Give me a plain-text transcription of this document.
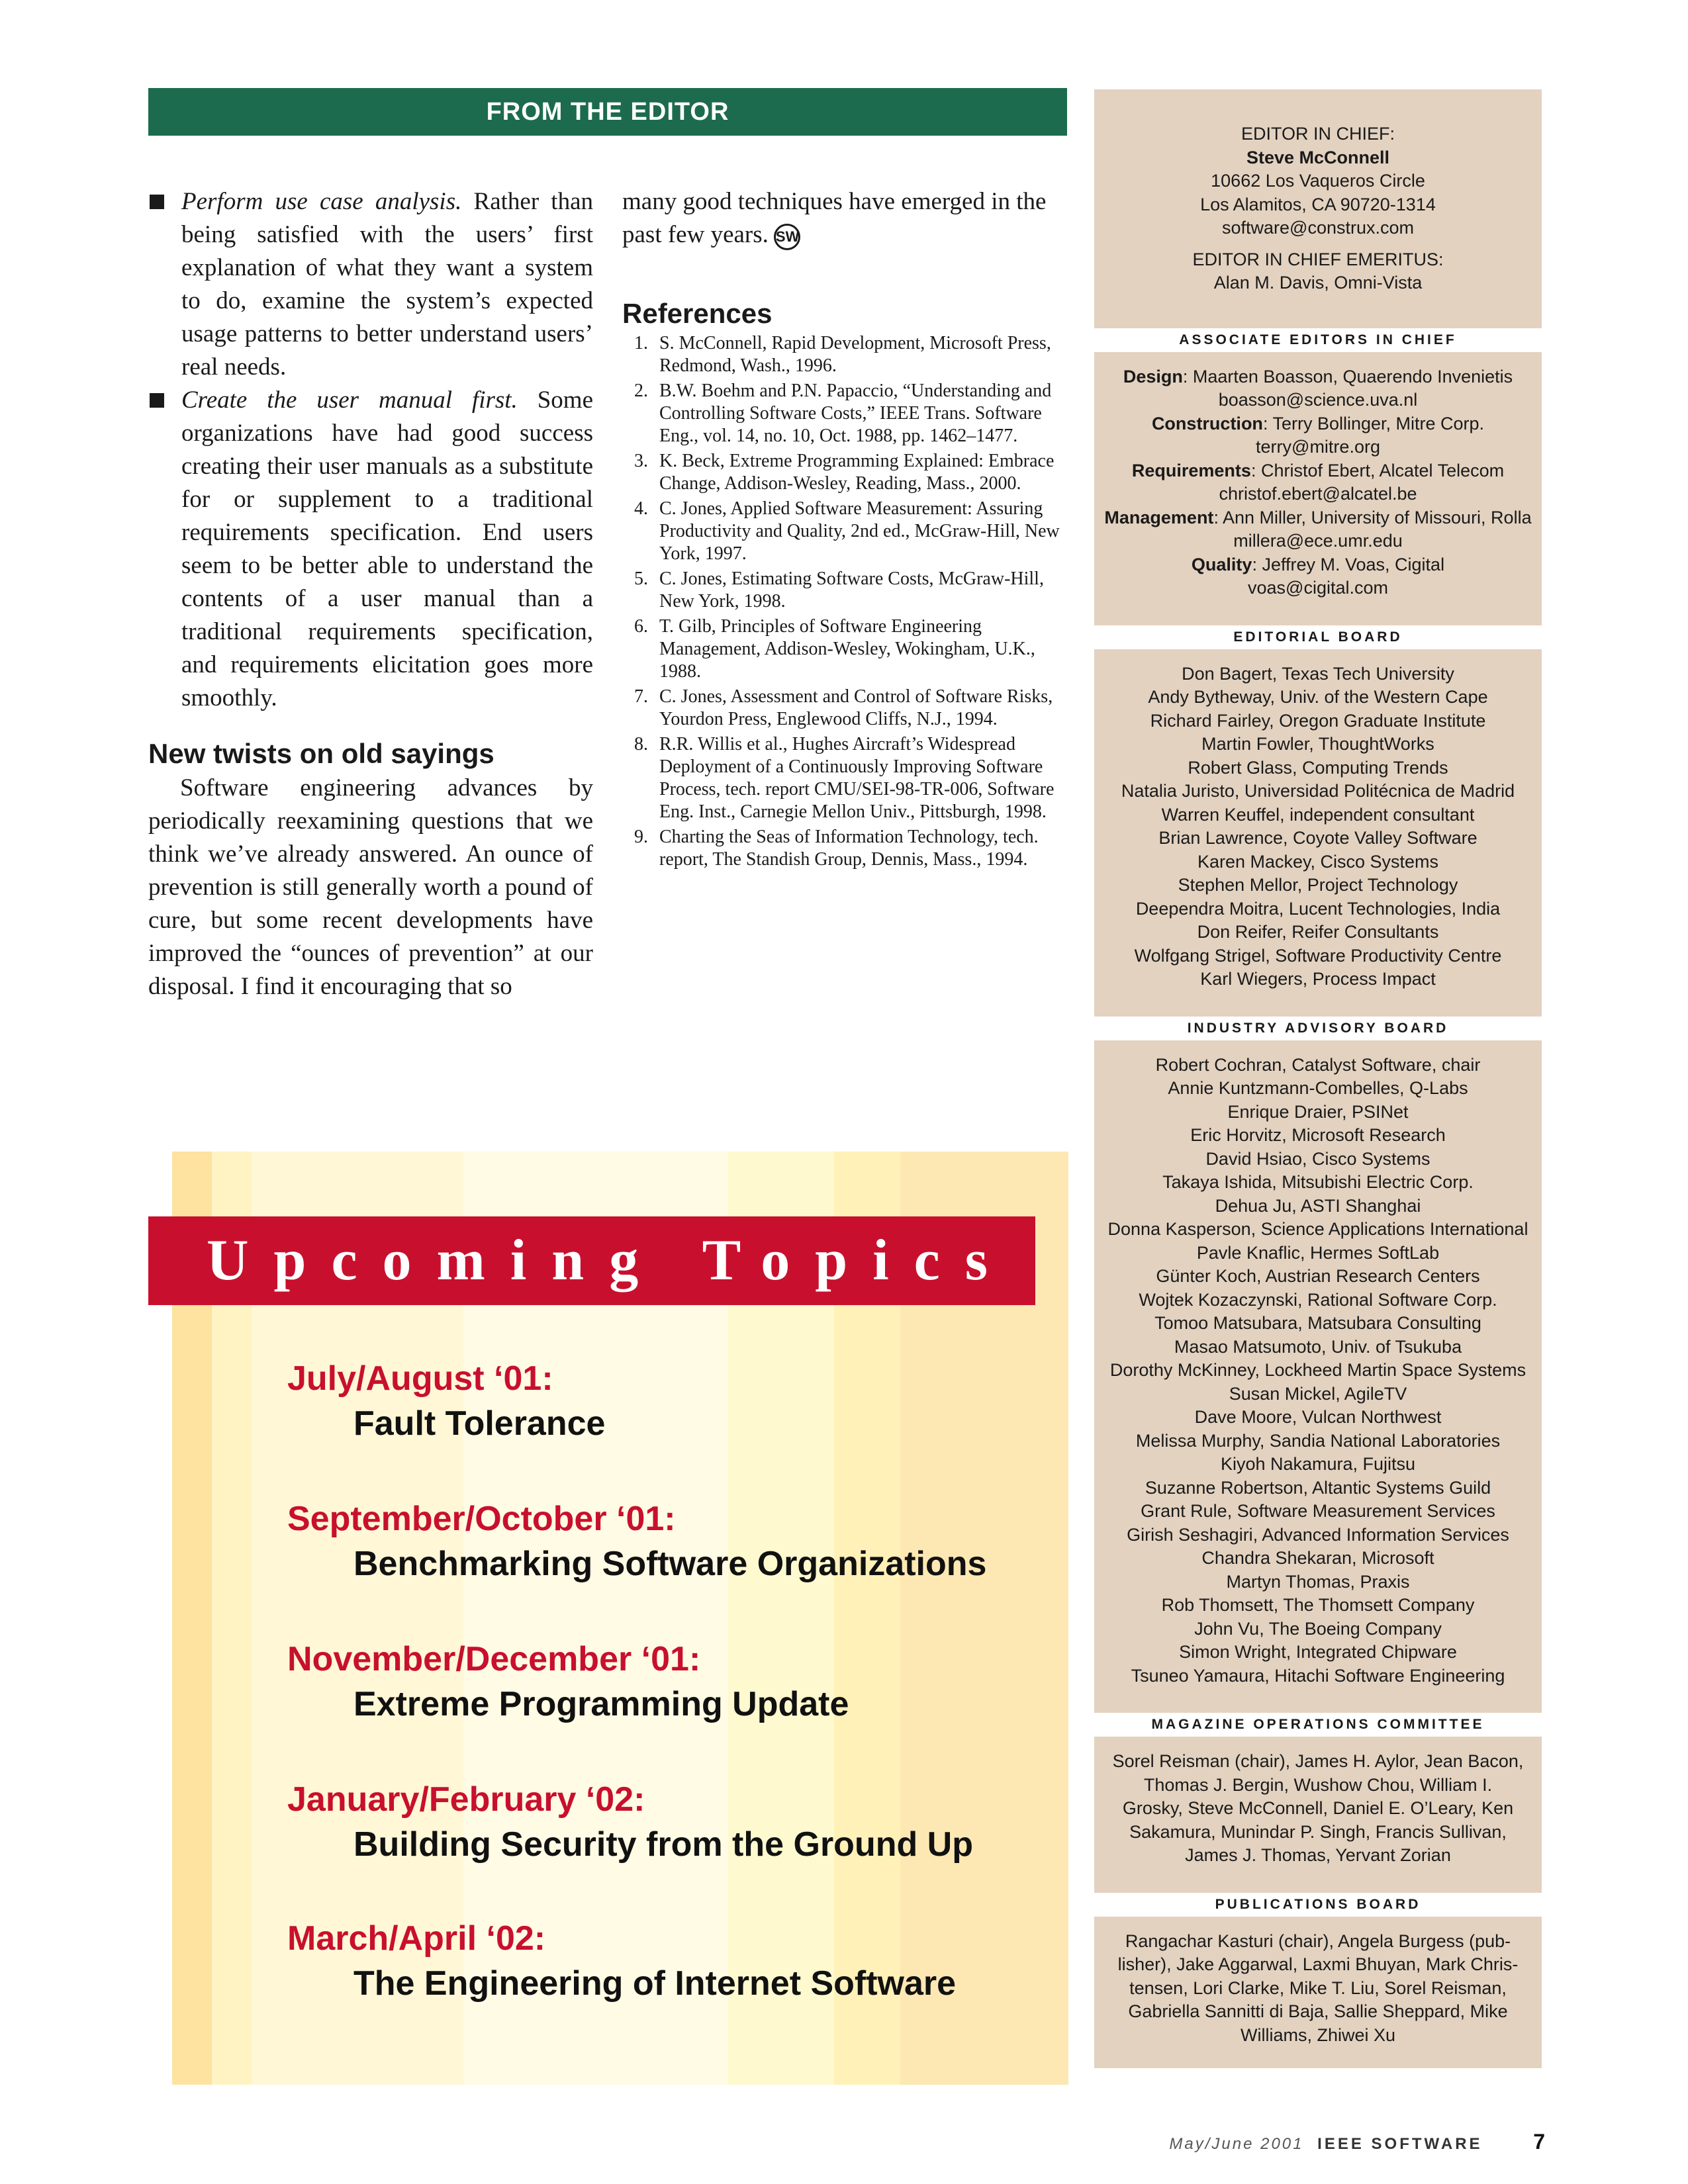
FROM THE EDITOR

Perform use case analysis. Rather than being satisfied with the users’ first explanation of what they want a system to do, examine the system’s expected usage patterns to better understand users’ real needs.

Create the user manual first. Some organizations have had good success creating their user manuals as a substitute for or supplement to a traditional requirements specification. End users seem to be better able to understand the contents of a user manual than a traditional requirements specification, and requirements elicitation goes more smoothly.

New twists on old sayings

Software engineering advances by periodically reexamining questions that we think we’ve already answered. An ounce of prevention is still generally worth a pound of cure, but some recent developments have improved the “ounces of prevention” at our disposal. I find it encouraging that so

many good techniques have emerged in the past few years. SW

References
1. S. McConnell, Rapid Development, Microsoft Press, Redmond, Wash., 1996.
2. B.W. Boehm and P.N. Papaccio, “Understanding and Controlling Software Costs,” IEEE Trans. Software Eng., vol. 14, no. 10, Oct. 1988, pp. 1462–1477.
3. K. Beck, Extreme Programming Explained: Embrace Change, Addison-Wesley, Reading, Mass., 2000.
4. C. Jones, Applied Software Measurement: Assuring Productivity and Quality, 2nd ed., McGraw-Hill, New York, 1997.
5. C. Jones, Estimating Software Costs, McGraw-Hill, New York, 1998.
6. T. Gilb, Principles of Software Engineering Management, Addison-Wesley, Wokingham, U.K., 1988.
7. C. Jones, Assessment and Control of Software Risks, Yourdon Press, Englewood Cliffs, N.J., 1994.
8. R.R. Willis et al., Hughes Aircraft’s Widespread Deployment of a Continuously Improving Software Process, tech. report CMU/SEI-98-TR-006, Software Eng. Inst., Carnegie Mellon Univ., Pittsburgh, 1998.
9. Charting the Seas of Information Technology, tech. report, The Standish Group, Dennis, Mass., 1994.
EDITOR IN CHIEF:
Steve McConnell
10662 Los Vaqueros Circle
Los Alamitos, CA 90720-1314
software@construx.com
EDITOR IN CHIEF EMERITUS:
Alan M. Davis, Omni-Vista
ASSOCIATE EDITORS IN CHIEF
Design: Maarten Boasson, Quaerendo Invenietis
boasson@science.uva.nl
Construction: Terry Bollinger, Mitre Corp.
terry@mitre.org
Requirements: Christof Ebert, Alcatel Telecom
christof.ebert@alcatel.be
Management: Ann Miller, University of Missouri, Rolla
millera@ece.umr.edu
Quality: Jeffrey M. Voas, Cigital
voas@cigital.com
EDITORIAL BOARD
Don Bagert, Texas Tech University
Andy Bytheway, Univ. of the Western Cape
Richard Fairley, Oregon Graduate Institute
Martin Fowler, ThoughtWorks
Robert Glass, Computing Trends
Natalia Juristo, Universidad Politécnica de Madrid
Warren Keuffel, independent consultant
Brian Lawrence, Coyote Valley Software
Karen Mackey, Cisco Systems
Stephen Mellor, Project Technology
Deependra Moitra, Lucent Technologies, India
Don Reifer, Reifer Consultants
Wolfgang Strigel, Software Productivity Centre
Karl Wiegers, Process Impact
INDUSTRY ADVISORY BOARD
Robert Cochran, Catalyst Software, chair
Annie Kuntzmann-Combelles, Q-Labs
Enrique Draier, PSINet
Eric Horvitz, Microsoft Research
David Hsiao, Cisco Systems
Takaya Ishida, Mitsubishi Electric Corp.
Dehua Ju, ASTI Shanghai
Donna Kasperson, Science Applications International
Pavle Knaflic, Hermes SoftLab
Günter Koch, Austrian Research Centers
Wojtek Kozaczynski, Rational Software Corp.
Tomoo Matsubara, Matsubara Consulting
Masao Matsumoto, Univ. of Tsukuba
Dorothy McKinney, Lockheed Martin Space Systems
Susan Mickel, AgileTV
Dave Moore, Vulcan Northwest
Melissa Murphy, Sandia National Laboratories
Kiyoh Nakamura, Fujitsu
Suzanne Robertson, Altantic Systems Guild
Grant Rule, Software Measurement Services
Girish Seshagiri, Advanced Information Services
Chandra Shekaran, Microsoft
Martyn Thomas, Praxis
Rob Thomsett, The Thomsett Company
John Vu, The Boeing Company
Simon Wright, Integrated Chipware
Tsuneo Yamaura, Hitachi Software Engineering
MAGAZINE OPERATIONS COMMITTEE
Sorel Reisman (chair), James H. Aylor, Jean Bacon,
Thomas J. Bergin, Wushow Chou, William I.
Grosky, Steve McConnell, Daniel E. O’Leary, Ken
Sakamura, Munindar P. Singh, Francis Sullivan,
James J. Thomas, Yervant Zorian
PUBLICATIONS BOARD
Rangachar Kasturi (chair), Angela Burgess (pub-
lisher), Jake Aggarwal, Laxmi Bhuyan, Mark Chris-
tensen, Lori Clarke, Mike T. Liu, Sorel Reisman,
Gabriella Sannitti di Baja, Sallie Sheppard, Mike
Williams, Zhiwei Xu
Upcoming Topics
July/August ‘01:
Fault Tolerance
September/October ‘01:
Benchmarking Software Organizations
November/December ‘01:
Extreme Programming Update
January/February ‘02:
Building Security from the Ground Up
March/April ‘02:
The Engineering of Internet Software
May/June 2001 IEEE SOFTWARE 7
